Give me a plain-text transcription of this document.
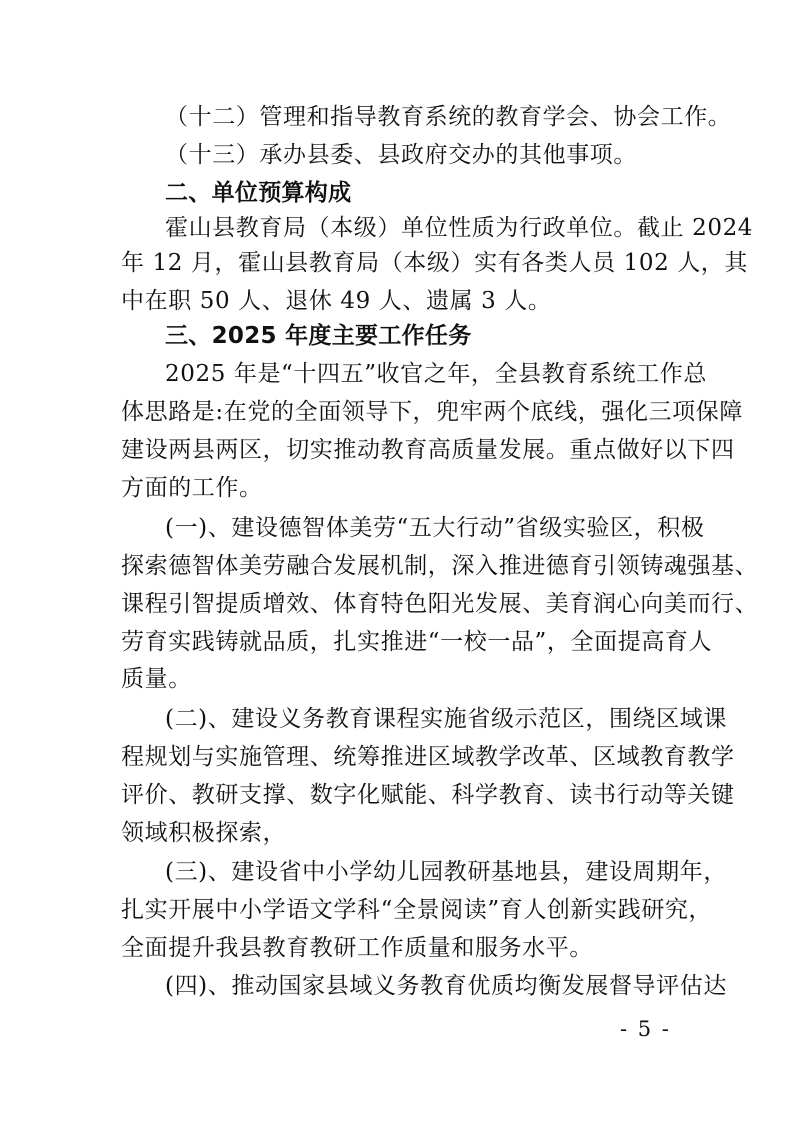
（十二）管理和指导教育系统的教育学会、协会工作。
（十三）承办县委、县政府交办的其他事项。
二、单位预算构成
霍山县教育局（本级）单位性质为行政单位。截止 2024
年 12 月，霍山县教育局（本级）实有各类人员 102 人，其
中在职 50 人、退休 49 人、遗属 3 人。
三、2025 年度主要工作任务
2025 年是“十四五”收官之年，全县教育系统工作总
体思路是:在党的全面领导下，兜牢两个底线，强化三项保障
建设两县两区，切实推动教育高质量发展。重点做好以下四
方面的工作。
(一)、建设德智体美劳“五大行动”省级实验区，积极
探索德智体美劳融合发展机制，深入推进德育引领铸魂强基、
课程引智提质增效、体育特色阳光发展、美育润心向美而行、
劳育实践铸就品质，扎实推进“一校一品”，全面提高育人
质量。
(二)、建设义务教育课程实施省级示范区，围绕区域课
程规划与实施管理、统筹推进区域教学改革、区域教育教学
评价、教研支撑、数字化赋能、科学教育、读书行动等关键
领域积极探索，
(三)、建设省中小学幼儿园教研基地县，建设周期年，
扎实开展中小学语文学科“全景阅读”育人创新实践研究，
全面提升我县教育教研工作质量和服务水平。
(四)、推动国家县域义务教育优质均衡发展督导评估达
- 5 -
